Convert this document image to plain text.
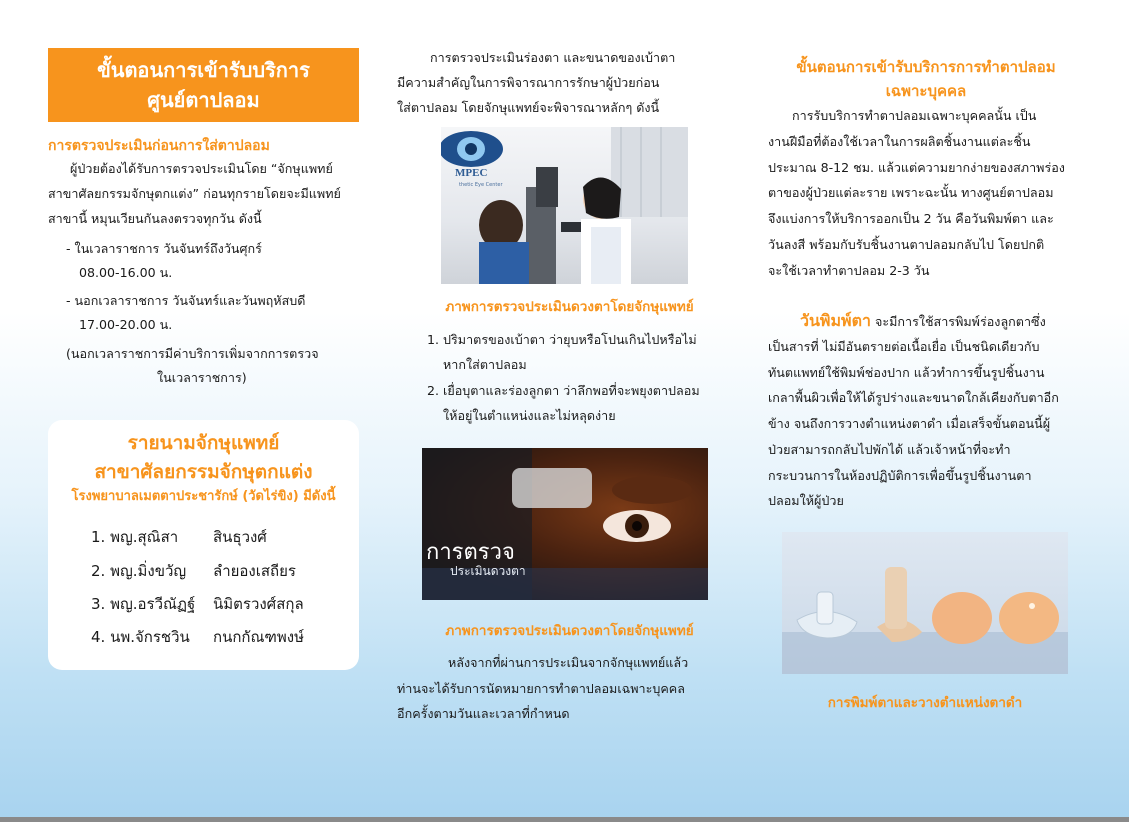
ขั้นตอนการเข้ารับบริการ
ศูนย์ตาปลอม
การตรวจประเมินก่อนการใส่ตาปลอม
ผู้ป่วยต้องได้รับการตรวจประเมินโดย “จักษุแพทย์
สาขาศัลยกรรมจักษุตกแต่ง” ก่อนทุกรายโดยจะมีแพทย์
สาขานี้ หมุนเวียนกันลงตรวจทุกวัน ดังนี้
- ในเวลาราชการ วันจันทร์ถึงวันศุกร์
08.00-16.00 น.
- นอกเวลาราชการ วันจันทร์และวันพฤหัสบดี
17.00-20.00 น.
(นอกเวลาราชการมีค่าบริการเพิ่มจากการตรวจ
ในเวลาราชการ)
รายนามจักษุแพทย์
สาขาศัลยกรรมจักษุตกแต่ง
โรงพยาบาลเมตตาประชารักษ์ (วัดไร่ขิง) มีดังนี้
1. พญ.สุณิสา สินธุวงศ์
2. พญ.มิ่งขวัญ ลำยองเสถียร
3. พญ.อรวีณัฏฐ์ นิมิตรวงศ์สกุล
4. นพ.จักรชวิน กนกกัณฑพงษ์
การตรวจประเมินร่องตา และขนาดของเบ้าตา
มีความสำคัญในการพิจารณาการรักษาผู้ป่วยก่อน
ใส่ตาปลอม โดยจักษุแพทย์จะพิจารณาหลักๆ ดังนี้
MPEC
thetic Eye Center
ภาพการตรวจประเมินดวงตาโดยจักษุแพทย์
1. ปริมาตรของเบ้าตา ว่ายุบหรือโปนเกินไปหรือไม่
หากใส่ตาปลอม
2. เยื่อบุตาและร่องลูกตา ว่าลึกพอที่จะพยุงตาปลอม
ให้อยู่ในตำแหน่งและไม่หลุดง่าย
การตรวจ
ประเมินดวงตา
ภาพการตรวจประเมินดวงตาโดยจักษุแพทย์
หลังจากที่ผ่านการประเมินจากจักษุแพทย์แล้ว
ท่านจะได้รับการนัดหมายการทำตาปลอมเฉพาะบุคคล
อีกครั้งตามวันและเวลาที่กำหนด
ขั้นตอนการเข้ารับบริการการทำตาปลอม
เฉพาะบุคคล
การรับบริการทำตาปลอมเฉพาะบุคคลนั้น เป็น
งานฝีมือที่ต้องใช้เวลาในการผลิตชิ้นงานแต่ละชิ้น
ประมาณ 8-12 ชม. แล้วแต่ความยากง่ายของสภาพร่อง
ตาของผู้ป่วยแต่ละราย เพราะฉะนั้น ทางศูนย์ตาปลอม
จึงแบ่งการให้บริการออกเป็น 2 วัน คือวันพิมพ์ตา และ
วันลงสี พร้อมกับรับชิ้นงานตาปลอมกลับไป โดยปกติ
จะใช้เวลาทำตาปลอม 2-3 วัน
วันพิมพ์ตา จะมีการใช้สารพิมพ์ร่องลูกตาซึ่ง
เป็นสารที่ ไม่มีอันตรายต่อเนื้อเยื่อ เป็นชนิดเดียวกับ
ทันตแพทย์ใช้พิมพ์ช่องปาก แล้วทำการขึ้นรูปชิ้นงาน
เกลาพื้นผิวเพื่อให้ได้รูปร่างและขนาดใกล้เคียงกับตาอีก
ข้าง จนถึงการวางตำแหน่งตาดำ เมื่อเสร็จขั้นตอนนี้ผู้
ป่วยสามารถกลับไปพักได้ แล้วเจ้าหน้าที่จะทำ
กระบวนการในห้องปฏิบัติการเพื่อขึ้นรูปชิ้นงานตา
ปลอมให้ผู้ป่วย
การพิมพ์ตาและวางตำแหน่งตาดำ
